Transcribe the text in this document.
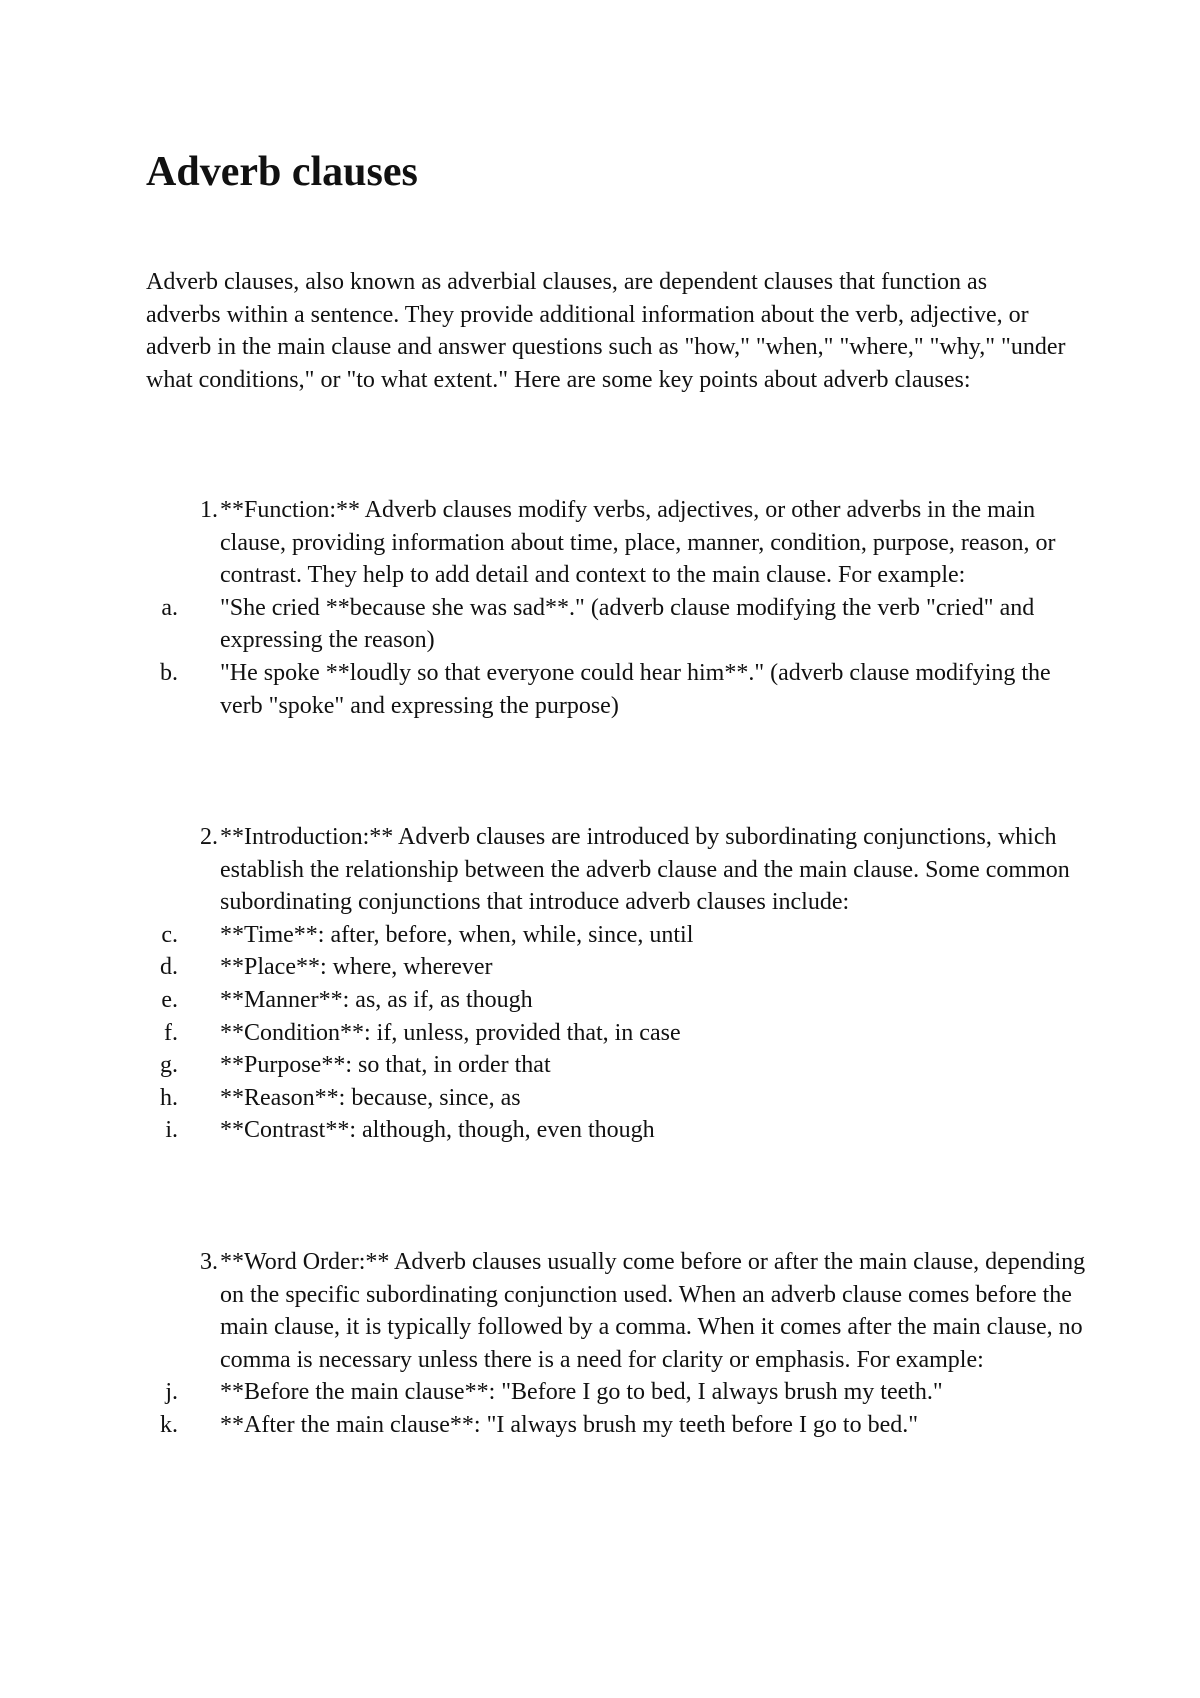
Adverb clauses

Adverb clauses, also known as adverbial clauses, are dependent clauses that function as adverbs within a sentence. They provide additional information about the verb, adjective, or adverb in the main clause and answer questions such as "how," "when," "where," "why," "under what conditions," or "to what extent." Here are some key points about adverb clauses:

1. **Function:** Adverb clauses modify verbs, adjectives, or other adverbs in the main clause, providing information about time, place, manner, condition, purpose, reason, or contrast. They help to add detail and context to the main clause. For example:
a. "She cried **because she was sad**." (adverb clause modifying the verb "cried" and expressing the reason)
b. "He spoke **loudly so that everyone could hear him**." (adverb clause modifying the verb "spoke" and expressing the purpose)
2. **Introduction:** Adverb clauses are introduced by subordinating conjunctions, which establish the relationship between the adverb clause and the main clause. Some common subordinating conjunctions that introduce adverb clauses include:
c. **Time**: after, before, when, while, since, until
d. **Place**: where, wherever
e. **Manner**: as, as if, as though
f. **Condition**: if, unless, provided that, in case
g. **Purpose**: so that, in order that
h. **Reason**: because, since, as
i. **Contrast**: although, though, even though
3. **Word Order:** Adverb clauses usually come before or after the main clause, depending on the specific subordinating conjunction used. When an adverb clause comes before the main clause, it is typically followed by a comma. When it comes after the main clause, no comma is necessary unless there is a need for clarity or emphasis. For example:
j. **Before the main clause**: "Before I go to bed, I always brush my teeth."
k. **After the main clause**: "I always brush my teeth before I go to bed."
